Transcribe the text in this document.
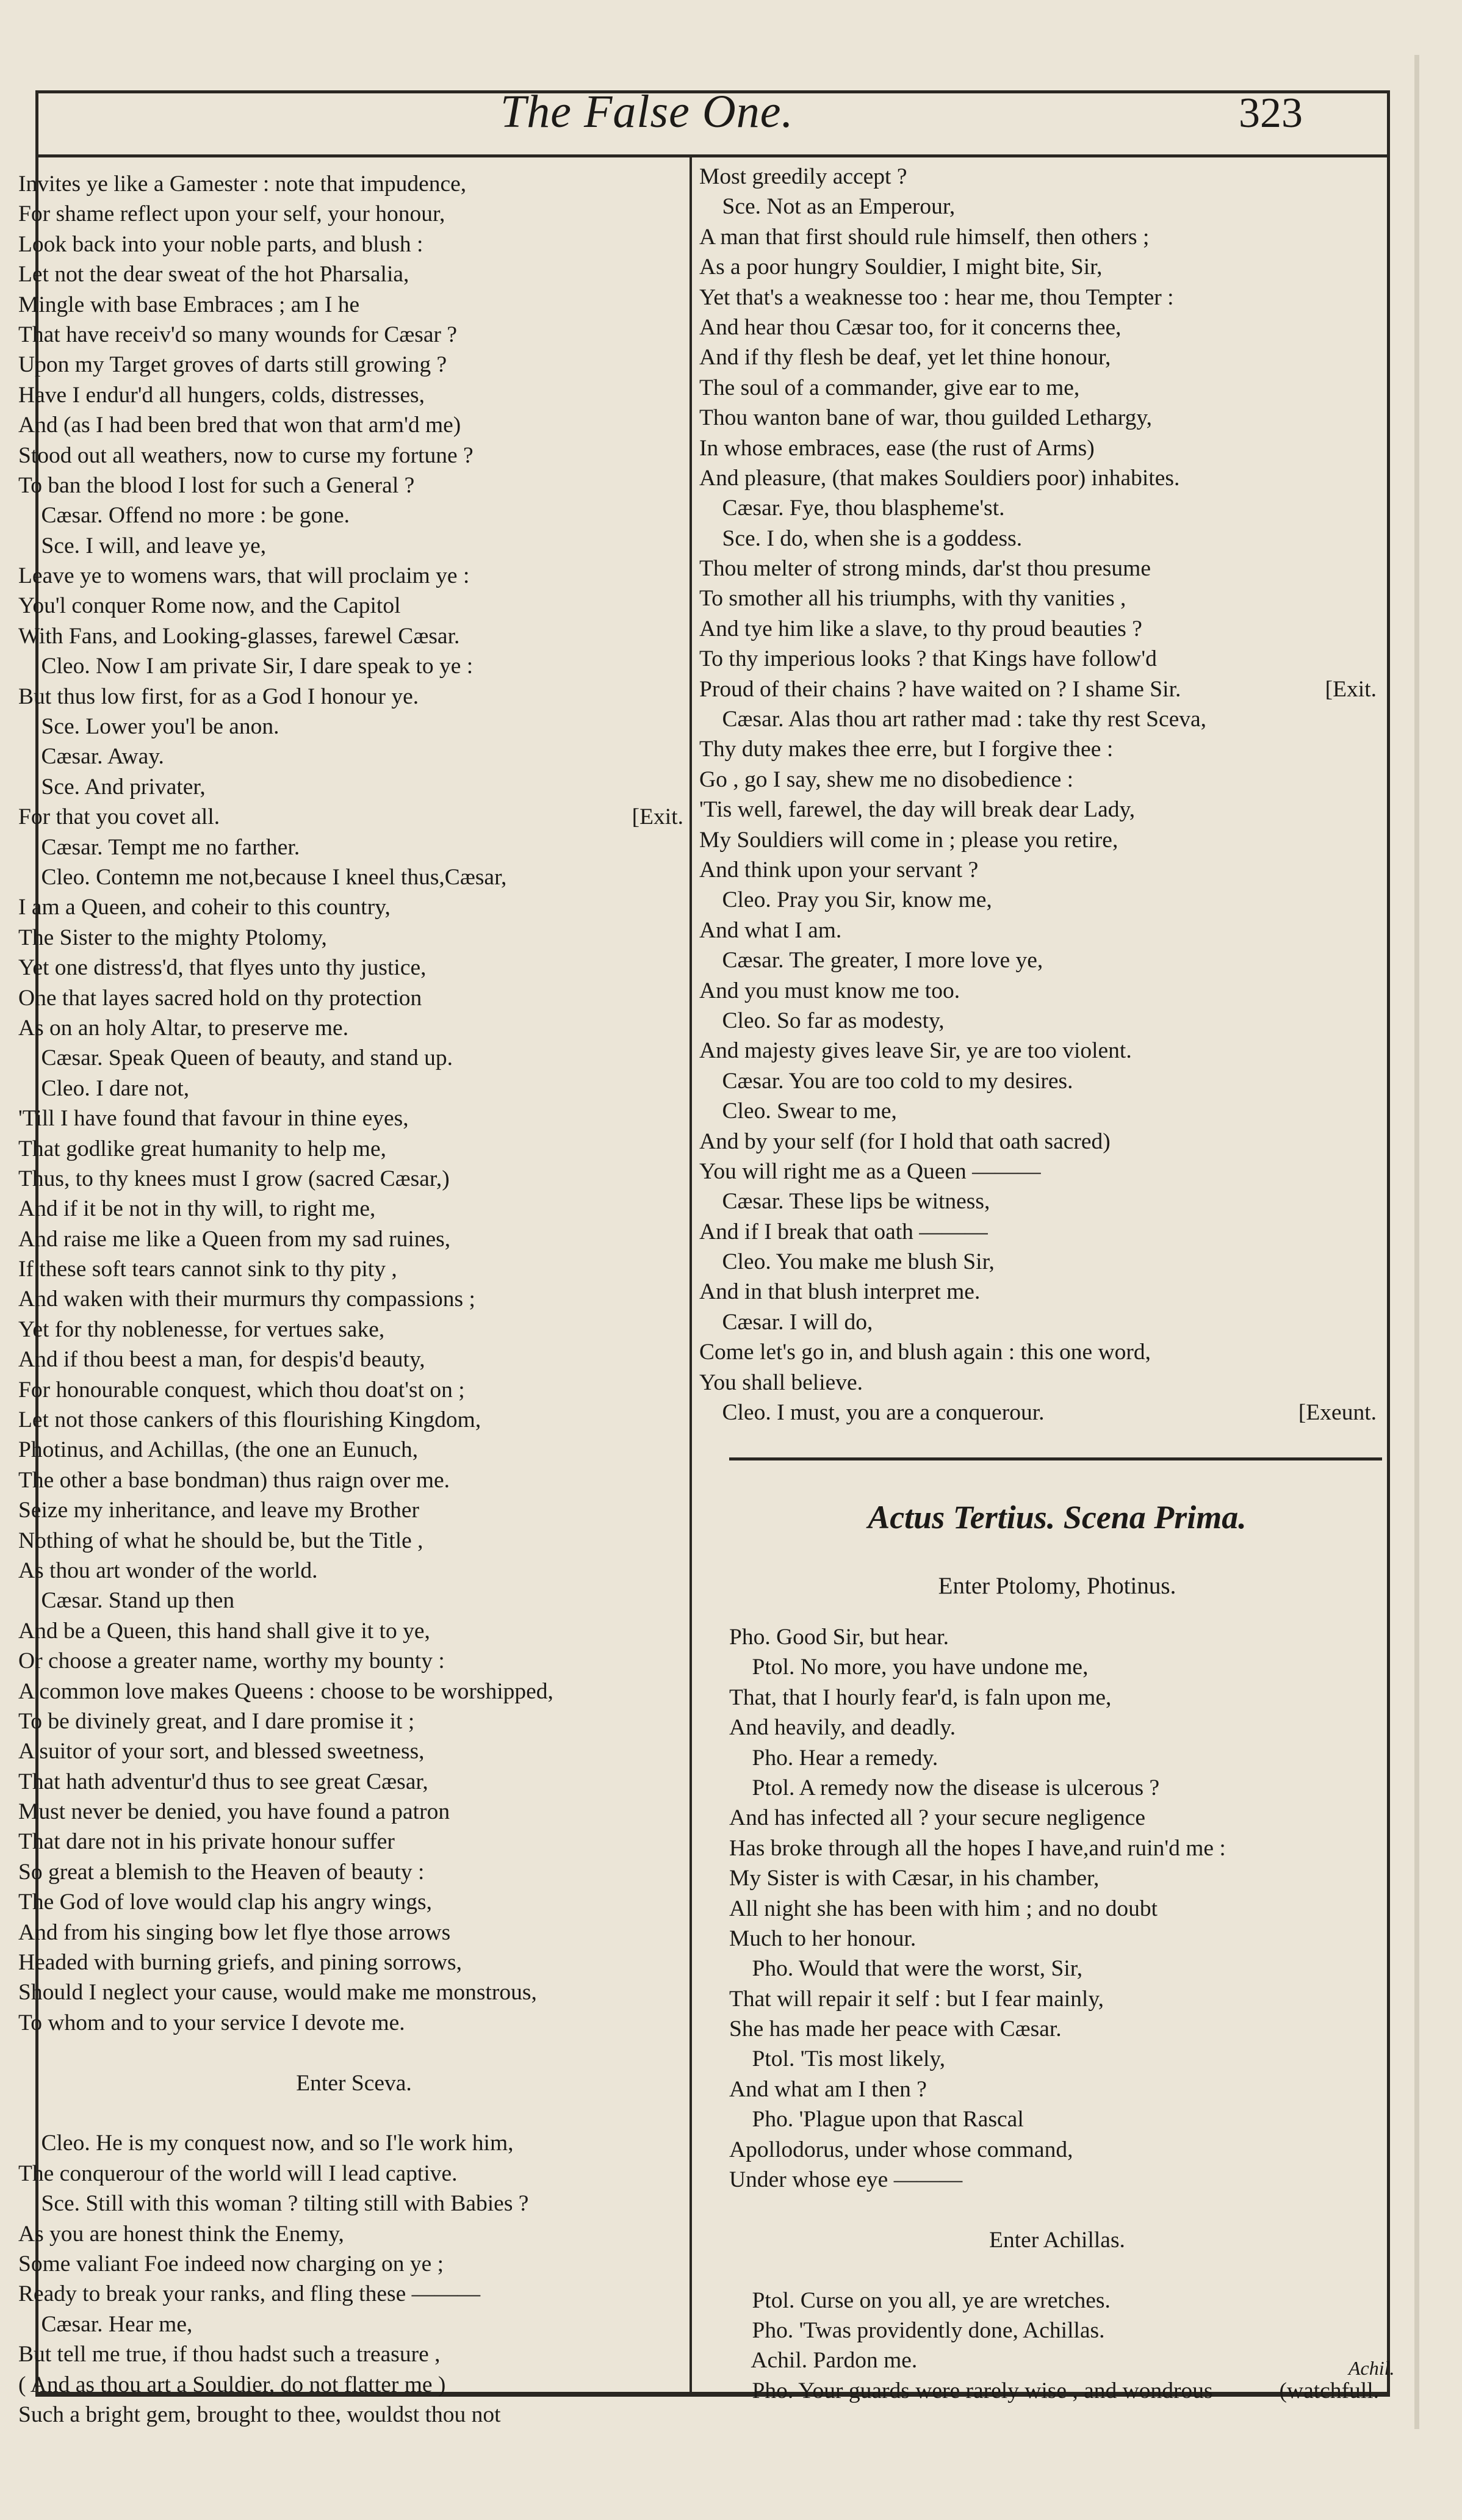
The False One.	323
Invites ye like a Gamester : note that impudence,
For shame reflect upon your self, your honour,
Look back into your noble parts, and blush :
Let not the dear sweat of the hot Pharsalia,
Mingle with base Embraces ; am I he
That have receiv'd so many wounds for Cæsar ?
Upon my Target groves of darts still growing ?
Have I endur'd all hungers, colds, distresses,
And (as I had been bred that won that arm'd me)
Stood out all weathers, now to curse my fortune ?
To ban the blood I lost for such a General ?
Cæsar. Offend no more : be gone.
Sce. I will, and leave ye,
Leave ye to womens wars, that will proclaim ye :
You'l conquer Rome now, and the Capitol
With Fans, and Looking-glasses, farewel Cæsar.
Cleo. Now I am private Sir, I dare speak to ye :
But thus low first, for as a God I honour ye.
Sce. Lower you'l be anon.
Cæsar. Away.
Sce. And privater,
For that you covet all.	[Exit.
Cæsar. Tempt me no farther.
Cleo. Contemn me not,because I kneel thus,Cæsar,
I am a Queen, and coheir to this country,
The Sister to the mighty Ptolomy,
Yet one distress'd, that flyes unto thy justice,
One that layes sacred hold on thy protection
As on an holy Altar, to preserve me.
Cæsar. Speak Queen of beauty, and stand up.
Cleo. I dare not,
'Till I have found that favour in thine eyes,
That godlike great humanity to help me,
Thus, to thy knees must I grow (sacred Cæsar,)
And if it be not in thy will, to right me,
And raise me like a Queen from my sad ruines,
If these soft tears cannot sink to thy pity ,
And waken with their murmurs thy compassions ;
Yet for thy noblenesse, for vertues sake,
And if thou beest a man, for despis'd beauty,
For honourable conquest, which thou doat'st on ;
Let not those cankers of this flourishing Kingdom,
Photinus, and Achillas, (the one an Eunuch,
The other a base bondman) thus raign over me.
Seize my inheritance, and leave my Brother
Nothing of what he should be, but the Title ,
As thou art wonder of the world.
Cæsar. Stand up then
And be a Queen, this hand shall give it to ye,
Or choose a greater name, worthy my bounty :
A common love makes Queens : choose to be worshipped,
To be divinely great, and I dare promise it ;
A suitor of your sort, and blessed sweetness,
That hath adventur'd thus to see great Cæsar,
Must never be denied, you have found a patron
That dare not in his private honour suffer
So great a blemish to the Heaven of beauty :
The God of love would clap his angry wings,
And from his singing bow let flye those arrows
Headed with burning griefs, and pining sorrows,
Should I neglect your cause, would make me monstrous,
To whom and to your service I devote me.
Enter Sceva.
Cleo. He is my conquest now, and so I'le work him,
The conquerour of the world will I lead captive.
Sce. Still with this woman ? tilting still with Babies ?
As you are honest think the Enemy,
Some valiant Foe indeed now charging on ye ;
Ready to break your ranks, and fling these ———
Cæsar. Hear me,
But tell me true, if thou hadst such a treasure ,
( And as thou art a Souldier, do not flatter me )
Such a bright gem, brought to thee, wouldst thou not
Most greedily accept ?
Sce. Not as an Emperour,
A man that first should rule himself, then others ;
As a poor hungry Souldier, I might bite, Sir,
Yet that's a weaknesse too : hear me, thou Tempter :
And hear thou Cæsar too, for it concerns thee,
And if thy flesh be deaf, yet let thine honour,
The soul of a commander, give ear to me,
Thou wanton bane of war, thou guilded Lethargy,
In whose embraces, ease (the rust of Arms)
And pleasure, (that makes Souldiers poor) inhabites.
Cæsar. Fye, thou blaspheme'st.
Sce. I do, when she is a goddess.
Thou melter of strong minds, dar'st thou presume
To smother all his triumphs, with thy vanities ,
And tye him like a slave, to thy proud beauties ?
To thy imperious looks ? that Kings have follow'd
Proud of their chains ? have waited on ? I shame Sir.	[Exit.
Cæsar. Alas thou art rather mad : take thy rest Sceva,
Thy duty makes thee erre, but I forgive thee :
Go , go I say, shew me no disobedience :
'Tis well, farewel, the day will break dear Lady,
My Souldiers will come in ; please you retire,
And think upon your servant ?
Cleo. Pray you Sir, know me,
And what I am.
Cæsar. The greater, I more love ye,
And you must know me too.
Cleo. So far as modesty,
And majesty gives leave Sir, ye are too violent.
Cæsar. You are too cold to my desires.
Cleo. Swear to me,
And by your self (for I hold that oath sacred)
You will right me as a Queen ———
Cæsar. These lips be witness,
And if I break that oath ———
Cleo. You make me blush Sir,
And in that blush interpret me.
Cæsar. I will do,
Come let's go in, and blush again : this one word,
You shall believe.
Cleo. I must, you are a conquerour.	[Exeunt.
Actus Tertius. Scena Prima.
Enter Ptolomy, Photinus.
Pho. Good Sir, but hear.
Ptol. No more, you have undone me,
That, that I hourly fear'd, is faln upon me,
And heavily, and deadly.
Pho. Hear a remedy.
Ptol. A remedy now the disease is ulcerous ?
And has infected all ? your secure negligence
Has broke through all the hopes I have,and ruin'd me :
My Sister is with Cæsar, in his chamber,
All night she has been with him ; and no doubt
Much to her honour.
Pho. Would that were the worst, Sir,
That will repair it self : but I fear mainly,
She has made her peace with Cæsar.
Ptol. 'Tis most likely,
And what am I then ?
Pho. 'Plague upon that Rascal
Apollodorus, under whose command,
Under whose eye ———
Enter Achillas.
Ptol. Curse on you all, ye are wretches.
Pho. 'Twas providently done, Achillas.
Achil. Pardon me.
Pho. Your guards were rarely wise , and wondrous	(watchfull.
Achil.
